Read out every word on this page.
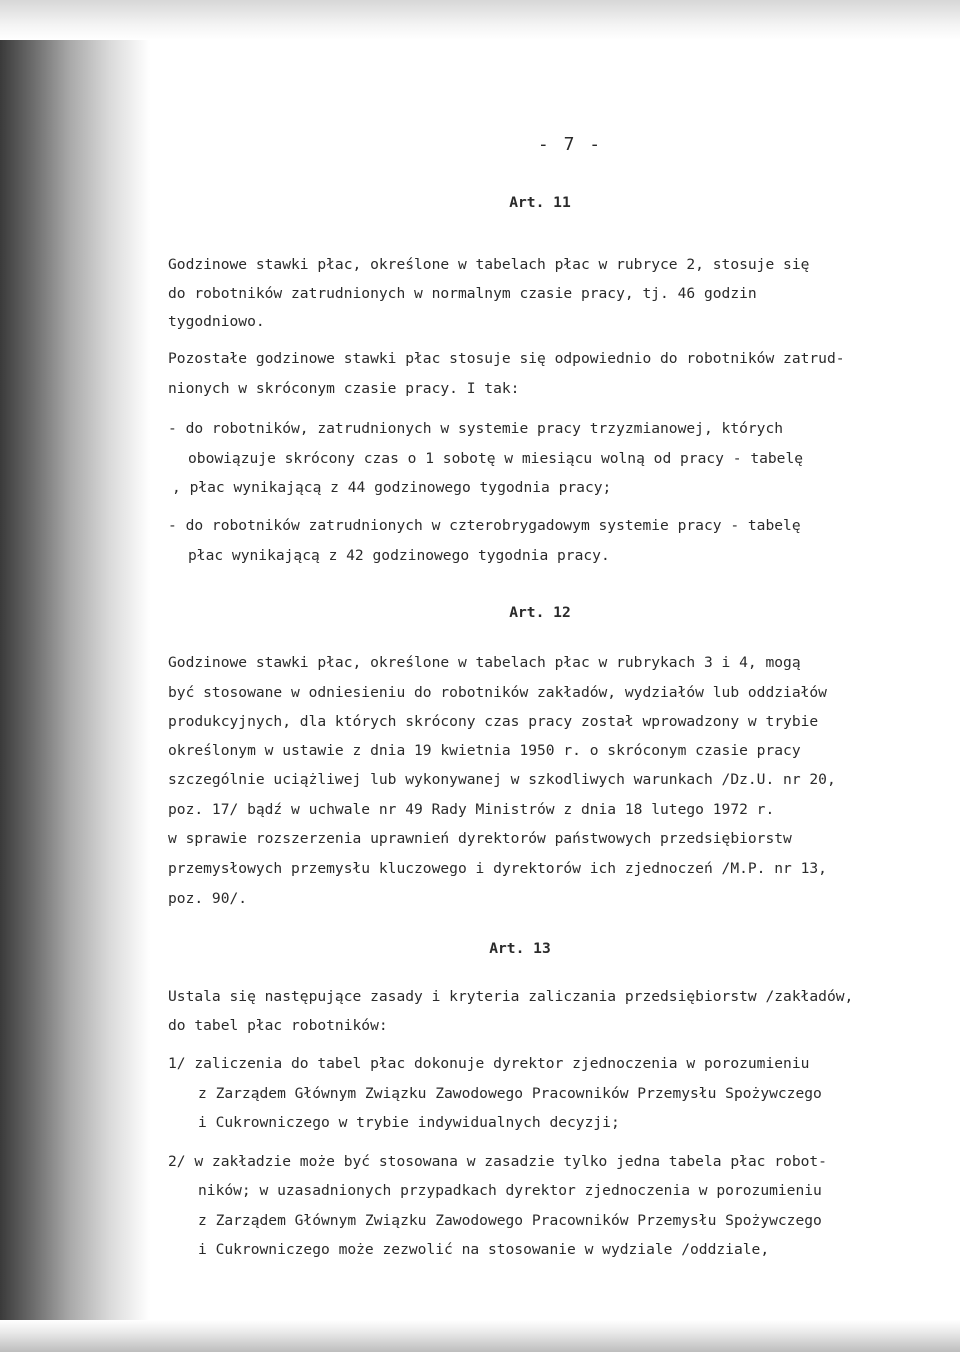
- 7 -
Art. 11
Godzinowe stawki płac, określone w tabelach płac w rubryce 2, stosuje się
do robotników zatrudnionych w normalnym czasie pracy, tj. 46 godzin
tygodniowo.
Pozostałe godzinowe stawki płac stosuje się odpowiednio do robotników zatrud-
nionych w skróconym czasie pracy. I tak:
- do robotników, zatrudnionych w systemie pracy trzyzmianowej, których
obowiązuje skrócony czas o 1 sobotę w miesiącu wolną od pracy - tabelę
, płac wynikającą z 44 godzinowego tygodnia pracy;
- do robotników zatrudnionych w czterobrygadowym systemie pracy - tabelę
płac wynikającą z 42 godzinowego tygodnia pracy.
Art. 12
Godzinowe stawki płac, określone w tabelach płac w rubrykach 3 i 4, mogą
być stosowane w odniesieniu do robotników zakładów, wydziałów lub oddziałów
produkcyjnych, dla których skrócony czas pracy został wprowadzony w trybie
określonym w ustawie z dnia 19 kwietnia 1950 r. o skróconym czasie pracy
szczególnie uciążliwej lub wykonywanej w szkodliwych warunkach /Dz.U. nr 20,
poz. 17/ bądź w uchwale nr 49 Rady Ministrów z dnia 18 lutego 1972 r.
w sprawie rozszerzenia uprawnień dyrektorów państwowych przedsiębiorstw
przemysłowych przemysłu kluczowego i dyrektorów ich zjednoczeń /M.P. nr 13,
poz. 90/.
Art. 13
Ustala się następujące zasady i kryteria zaliczania przedsiębiorstw /zakładów,
do tabel płac robotników:
1/ zaliczenia do tabel płac dokonuje dyrektor zjednoczenia w porozumieniu
z Zarządem Głównym Związku Zawodowego Pracowników Przemysłu Spożywczego
i Cukrowniczego w trybie indywidualnych decyzji;
2/ w zakładzie może być stosowana w zasadzie tylko jedna tabela płac robot-
ników; w uzasadnionych przypadkach dyrektor zjednoczenia w porozumieniu
z Zarządem Głównym Związku Zawodowego Pracowników Przemysłu Spożywczego
i Cukrowniczego może zezwolić na stosowanie w wydziale /oddziale,
